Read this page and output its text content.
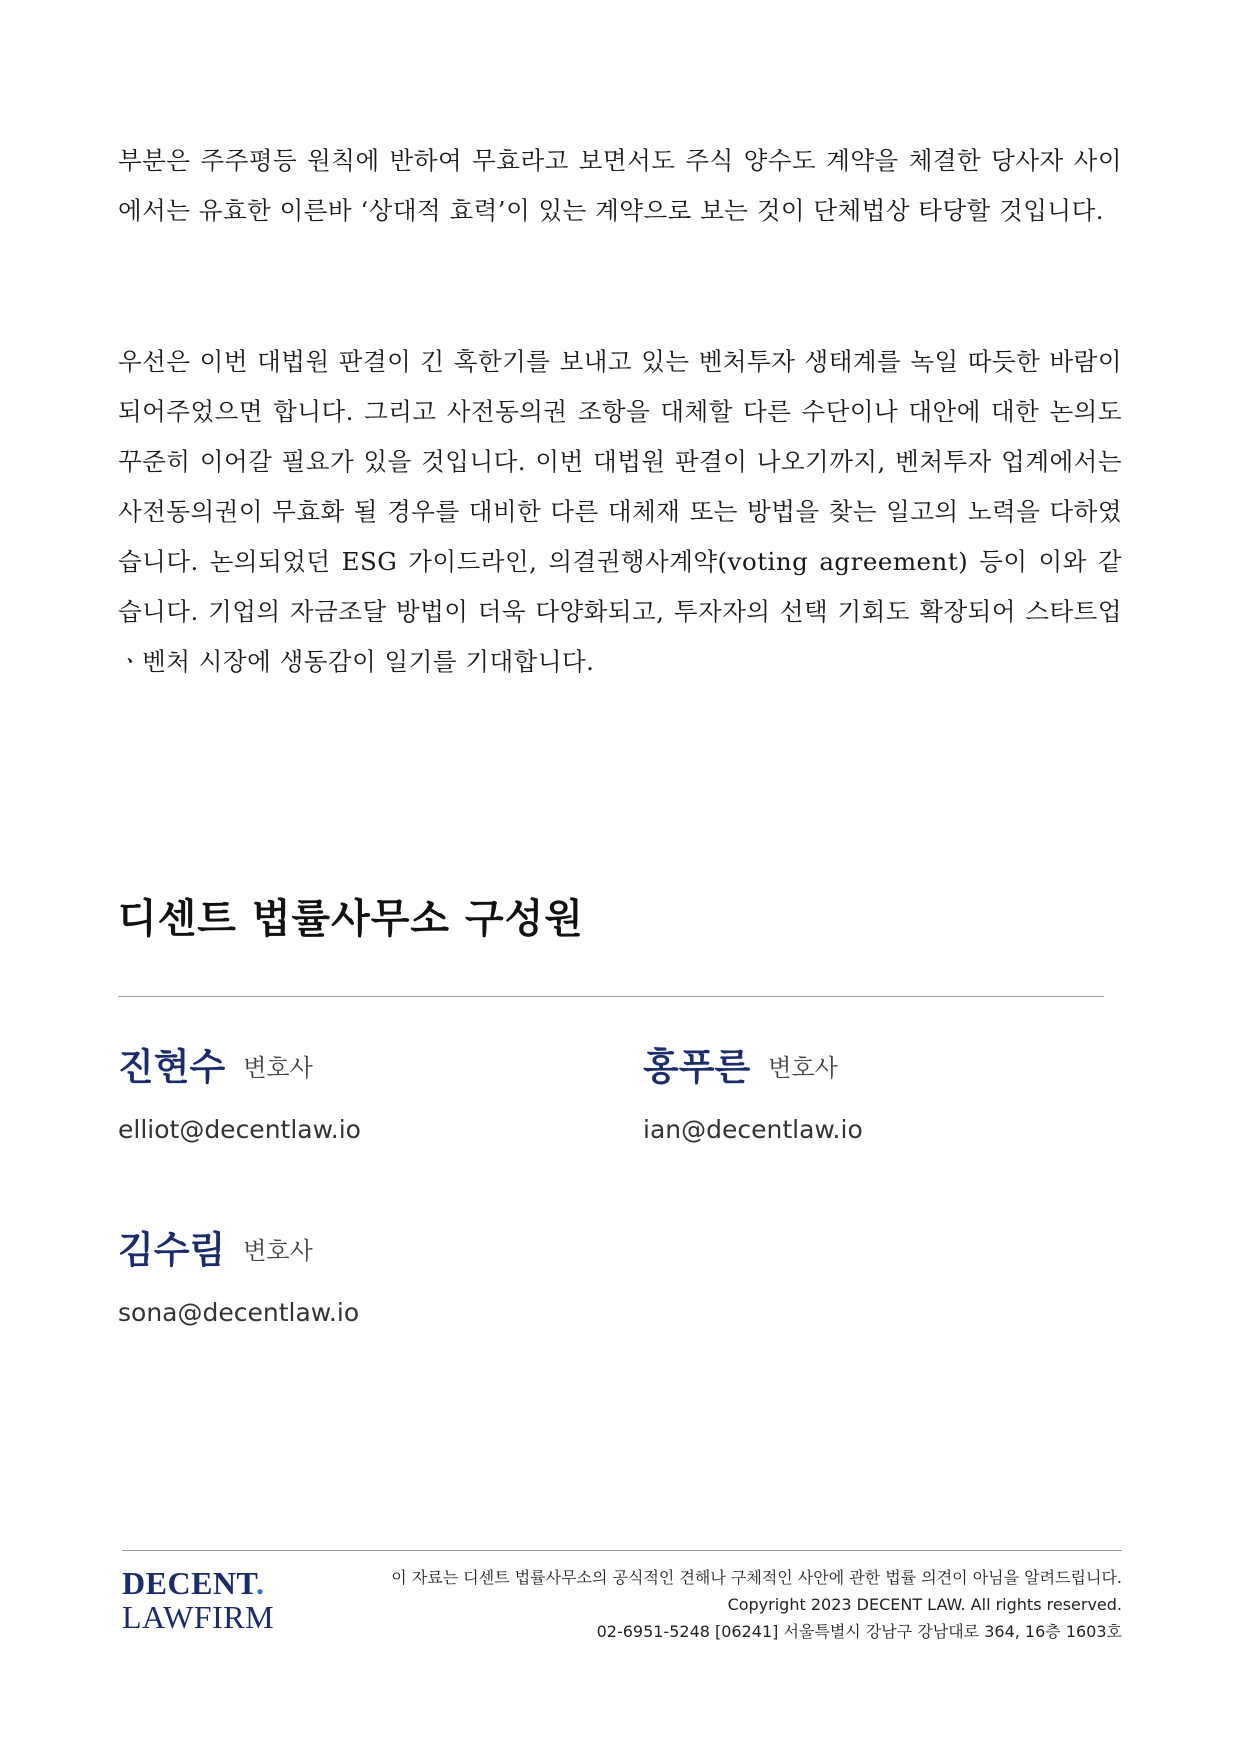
부분은 주주평등 원칙에 반하여 무효라고 보면서도 주식 양수도 계약을 체결한 당사자 사이에서는 유효한 이른바 ‘상대적 효력’이 있는 계약으로 보는 것이 단체법상 타당할 것입니다.

우선은 이번 대법원 판결이 긴 혹한기를 보내고 있는 벤처투자 생태계를 녹일 따듯한 바람이 되어주었으면 합니다. 그리고 사전동의권 조항을 대체할 다른 수단이나 대안에 대한 논의도 꾸준히 이어갈 필요가 있을 것입니다. 이번 대법원 판결이 나오기까지, 벤처투자 업계에서는 사전동의권이 무효화 될 경우를 대비한 다른 대체재 또는 방법을 찾는 일고의 노력을 다하였습니다. 논의되었던 ESG 가이드라인, 의결권행사계약(voting agreement) 등이 이와 같습니다. 기업의 자금조달 방법이 더욱 다양화되고, 투자자의 선택 기회도 확장되어 스타트업ㆍ벤처 시장에 생동감이 일기를 기대합니다.

디센트 법률사무소 구성원
진현수 변호사
elliot@decentlaw.io
홍푸른 변호사
ian@decentlaw.io
김수림 변호사
sona@decentlaw.io
DECENT.
LAWFIRM
이 자료는 디센트 법률사무소의 공식적인 견해나 구체적인 사안에 관한 법률 의견이 아님을 알려드립니다.
Copyright 2023 DECENT LAW. All rights reserved.
02-6951-5248 [06241] 서울특별시 강남구 강남대로 364, 16층 1603호
